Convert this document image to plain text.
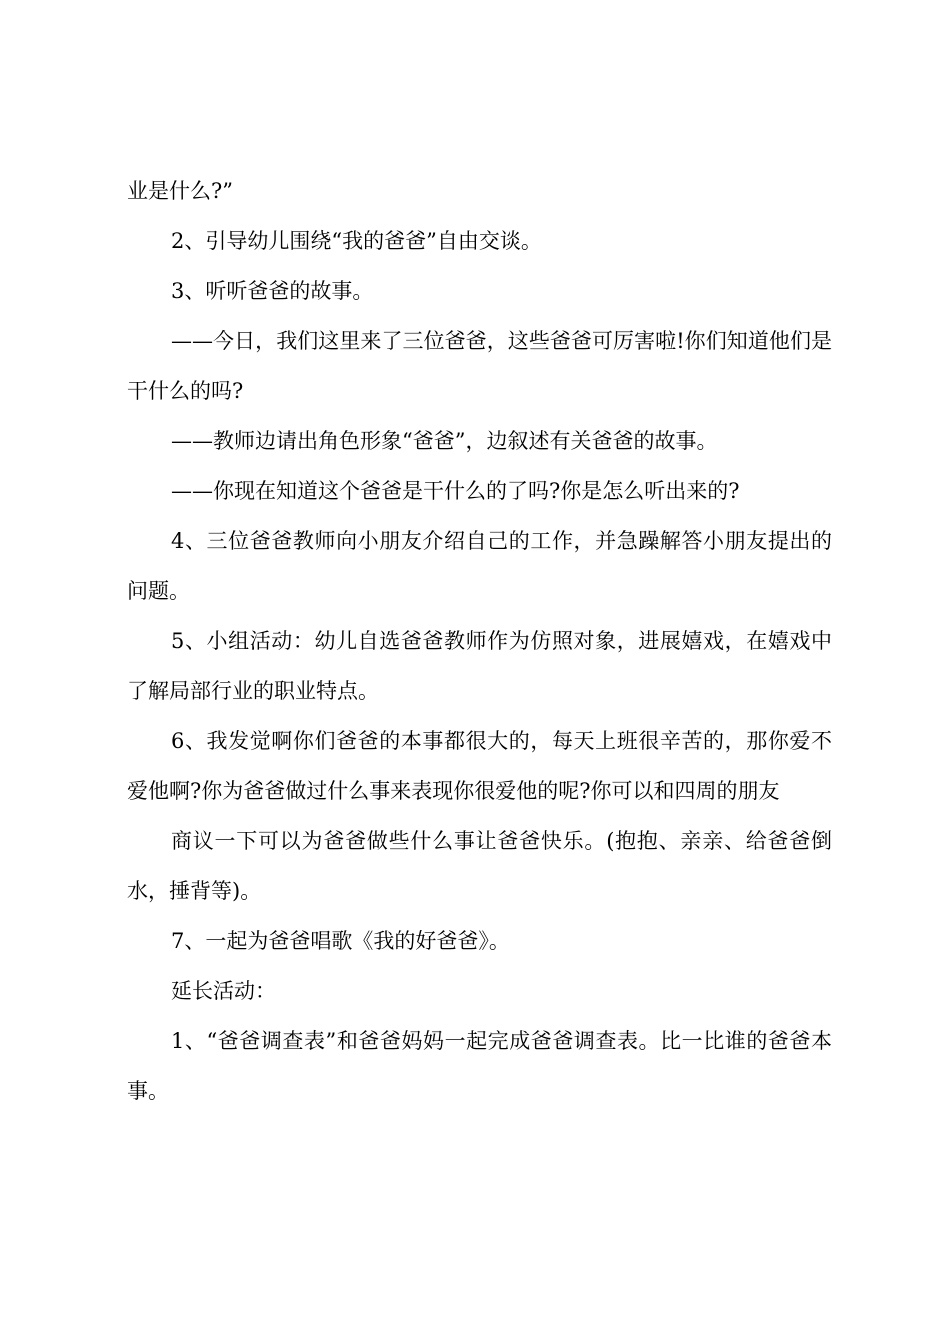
业是什么?”

2、引导幼儿围绕“我的爸爸”自由交谈。

3、听听爸爸的故事。

——今日，我们这里来了三位爸爸，这些爸爸可厉害啦!你们知道他们是干什么的吗?

——教师边请出角色形象“爸爸”，边叙述有关爸爸的故事。

——你现在知道这个爸爸是干什么的了吗?你是怎么听出来的?

4、三位爸爸教师向小朋友介绍自己的工作，并急躁解答小朋友提出的问题。

5、小组活动：幼儿自选爸爸教师作为仿照对象，进展嬉戏，在嬉戏中了解局部行业的职业特点。

6、我发觉啊你们爸爸的本事都很大的，每天上班很辛苦的，那你爱不爱他啊?你为爸爸做过什么事来表现你很爱他的呢?你可以和四周的朋友

商议一下可以为爸爸做些什么事让爸爸快乐。(抱抱、亲亲、给爸爸倒水，捶背等)。

7、一起为爸爸唱歌《我的好爸爸》。

延长活动：

1、“爸爸调查表”和爸爸妈妈一起完成爸爸调查表。比一比谁的爸爸本事。
